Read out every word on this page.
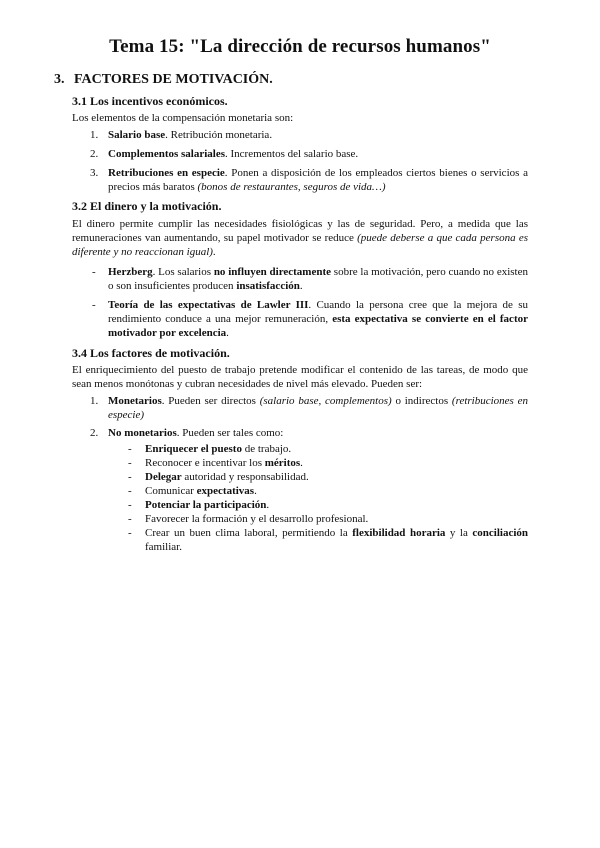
Tema 15: "La dirección de recursos humanos"
3. FACTORES DE MOTIVACIÓN.
3.1 Los incentivos económicos.
Los elementos de la compensación monetaria son:
1. Salario base. Retribución monetaria.
2. Complementos salariales. Incrementos del salario base.
3. Retribuciones en especie. Ponen a disposición de los empleados ciertos bienes o servicios a precios más baratos (bonos de restaurantes, seguros de vida…)
3.2 El dinero y la motivación.
El dinero permite cumplir las necesidades fisiológicas y las de seguridad. Pero, a medida que las remuneraciones van aumentando, su papel motivador se reduce (puede deberse a que cada persona es diferente y no reaccionan igual).
- Herzberg. Los salarios no influyen directamente sobre la motivación, pero cuando no existen o son insuficientes producen insatisfacción.
- Teoría de las expectativas de Lawler III. Cuando la persona cree que la mejora de su rendimiento conduce a una mejor remuneración, esta expectativa se convierte en el factor motivador por excelencia.
3.4 Los factores de motivación.
El enriquecimiento del puesto de trabajo pretende modificar el contenido de las tareas, de modo que sean menos monótonas y cubran necesidades de nivel más elevado. Pueden ser:
1. Monetarios. Pueden ser directos (salario base, complementos) o indirectos (retribuciones en especie)
2. No monetarios. Pueden ser tales como:
- Enriquecer el puesto de trabajo.
- Reconocer e incentivar los méritos.
- Delegar autoridad y responsabilidad.
- Comunicar expectativas.
- Potenciar la participación.
- Favorecer la formación y el desarrollo profesional.
- Crear un buen clima laboral, permitiendo la flexibilidad horaria y la conciliación familiar.
